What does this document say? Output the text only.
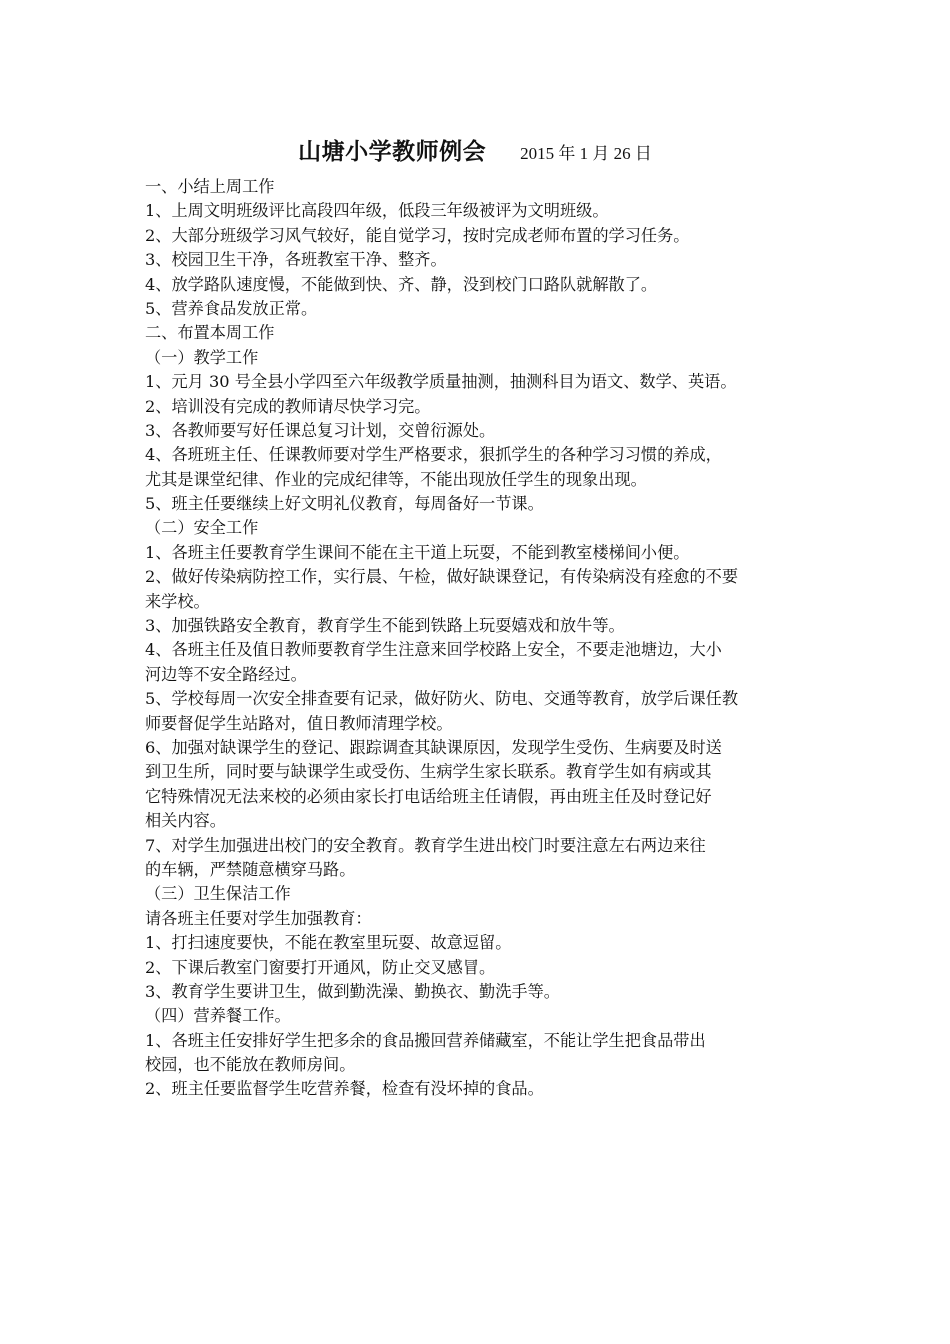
山塘小学教师例会 2015 年 1 月 26 日
一、小结上周工作
1、上周文明班级评比高段四年级，低段三年级被评为文明班级。
2、大部分班级学习风气较好，能自觉学习，按时完成老师布置的学习任务。
3、校园卫生干净，各班教室干净、整齐。
4、放学路队速度慢，不能做到快、齐、静，没到校门口路队就解散了。
5、营养食品发放正常。
二、布置本周工作
（一）教学工作
1、元月 30 号全县小学四至六年级教学质量抽测，抽测科目为语文、数学、英语。
2、培训没有完成的教师请尽快学习完。
3、各教师要写好任课总复习计划，交曾衍源处。
4、各班班主任、任课教师要对学生严格要求，狠抓学生的各种学习习惯的养成，
尤其是课堂纪律、作业的完成纪律等，不能出现放任学生的现象出现。
5、班主任要继续上好文明礼仪教育，每周备好一节课。
（二）安全工作
1、各班主任要教育学生课间不能在主干道上玩耍，不能到教室楼梯间小便。
2、做好传染病防控工作，实行晨、午检，做好缺课登记，有传染病没有痊愈的不要
来学校。
3、加强铁路安全教育，教育学生不能到铁路上玩耍嬉戏和放牛等。
4、各班主任及值日教师要教育学生注意来回学校路上安全，不要走池塘边，大小
河边等不安全路经过。
5、学校每周一次安全排查要有记录，做好防火、防电、交通等教育，放学后课任教
师要督促学生站路对，值日教师清理学校。
6、加强对缺课学生的登记、跟踪调查其缺课原因，发现学生受伤、生病要及时送
到卫生所，同时要与缺课学生或受伤、生病学生家长联系。教育学生如有病或其
它特殊情况无法来校的必须由家长打电话给班主任请假，再由班主任及时登记好
相关内容。
7、对学生加强进出校门的安全教育。教育学生进出校门时要注意左右两边来往
的车辆，严禁随意横穿马路。
（三）卫生保洁工作
请各班主任要对学生加强教育：
1、打扫速度要快，不能在教室里玩耍、故意逗留。
2、下课后教室门窗要打开通风，防止交叉感冒。
3、教育学生要讲卫生，做到勤洗澡、勤换衣、勤洗手等。
（四）营养餐工作。
1、各班主任安排好学生把多余的食品搬回营养储藏室，不能让学生把食品带出
校园，也不能放在教师房间。
2、班主任要监督学生吃营养餐，检查有没坏掉的食品。
